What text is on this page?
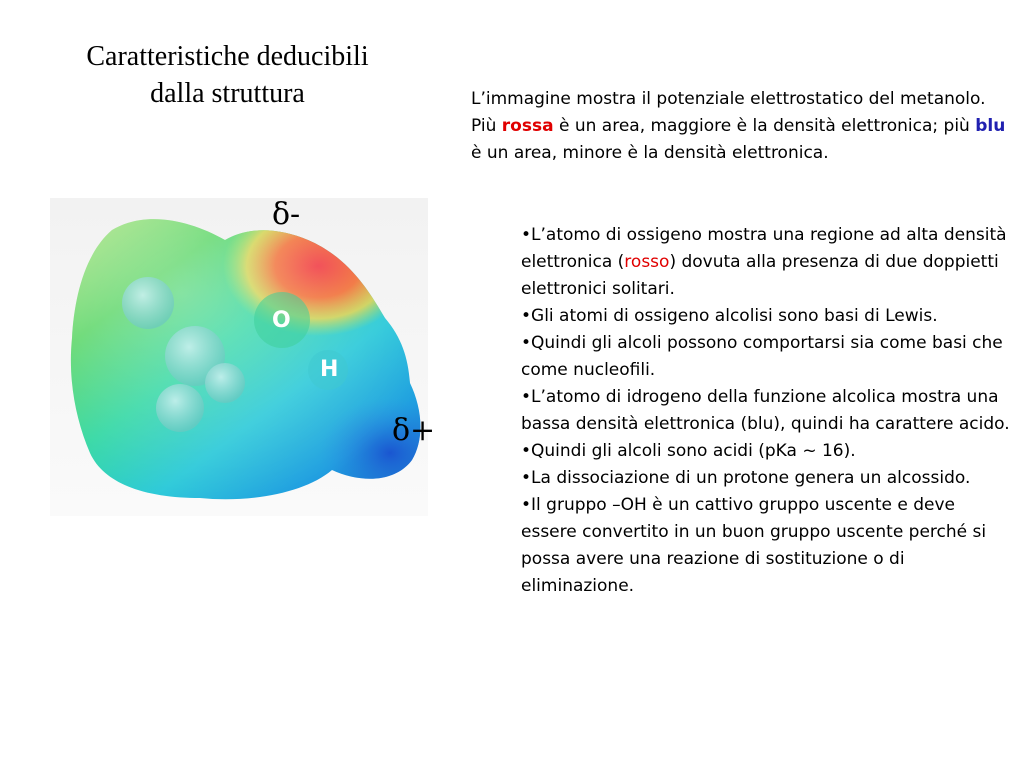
Caratteristiche deducibili
dalla struttura	L’immagine mostra il potenziale elettrostatico del metanolo. Più rossa è un area, maggiore è la densità elettronica; più blu è un area, minore è la densità elettronica.
•L’atomo di ossigeno mostra una regione ad alta densità elettronica (rosso) dovuta alla presenza di due doppietti elettronici solitari.
•Gli atomi di ossigeno alcolisi sono basi di Lewis.
•Quindi gli alcoli possono comportarsi sia come basi che come nucleofili.
•L’atomo di idrogeno della funzione alcolica mostra una bassa densità elettronica (blu), quindi ha carattere acido.
•Quindi gli alcoli sono acidi (pKa ~ 16).
•La dissociazione di un protone genera un alcossido.
•Il gruppo –OH è un cattivo gruppo uscente e deve essere convertito in un buon gruppo uscente perché si possa avere una reazione di sostituzione o di eliminazione.
δ-
δ+
O
H
